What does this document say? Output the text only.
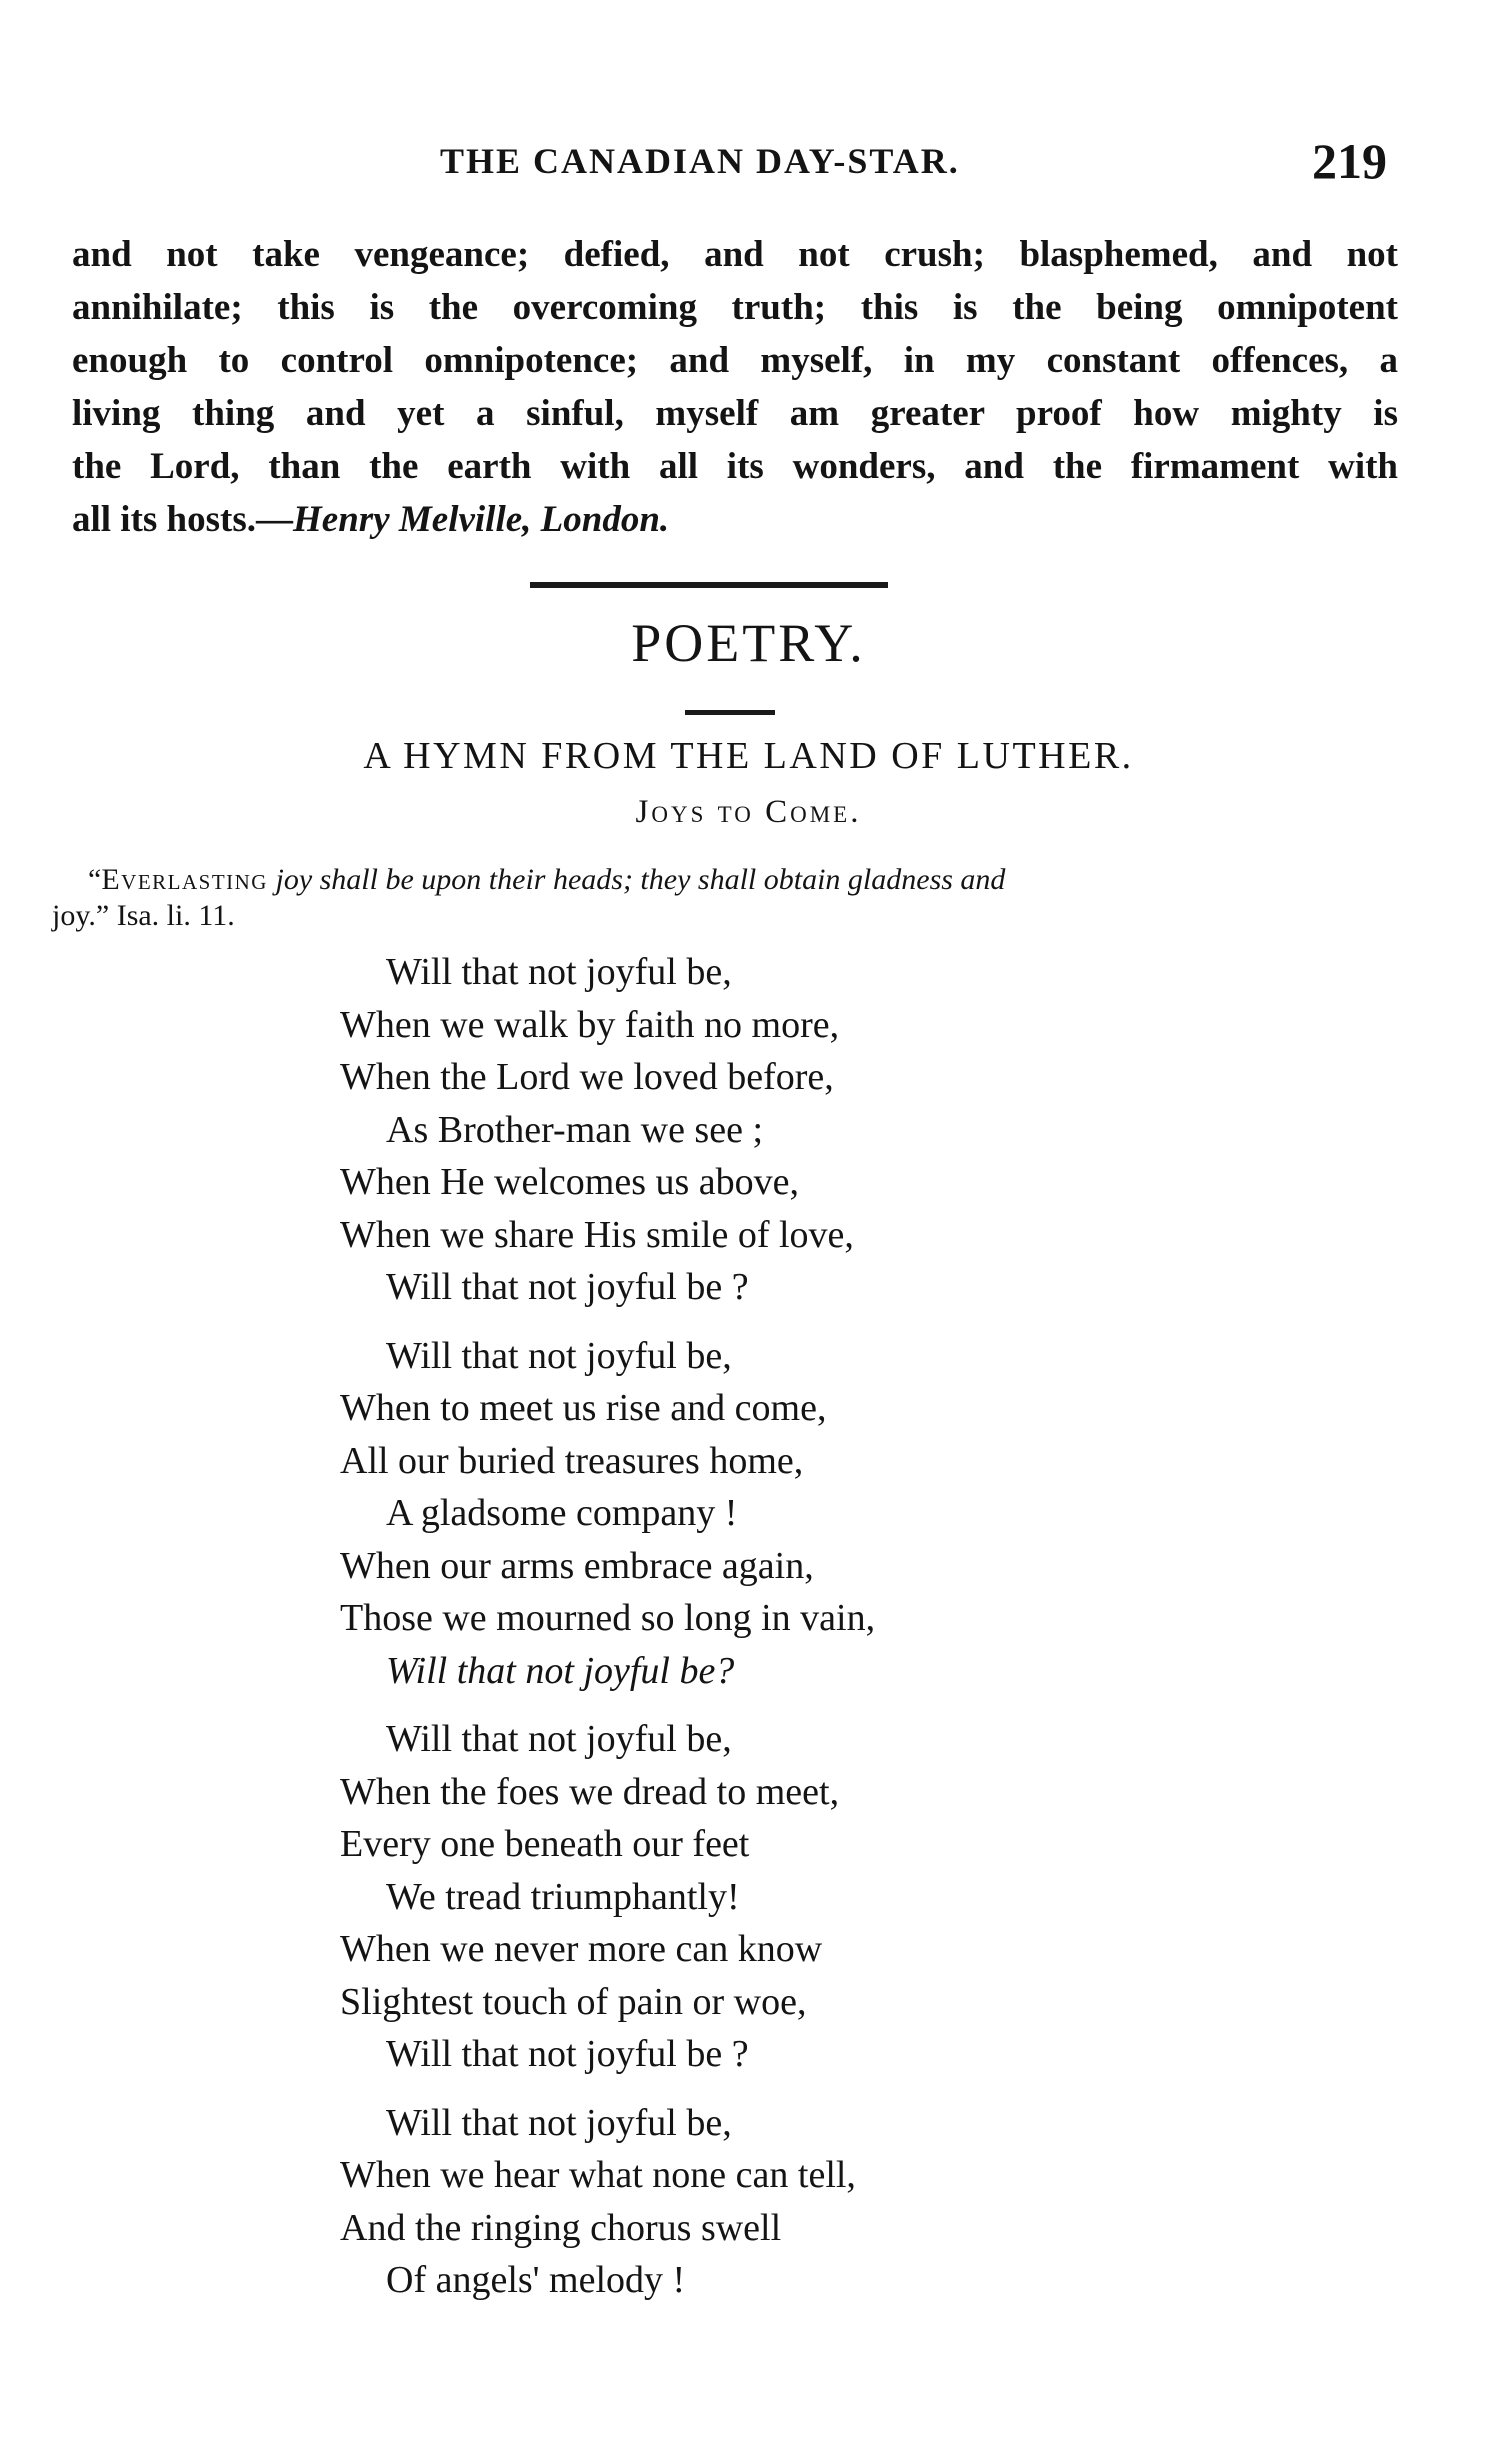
THE CANADIAN DAY-STAR.	219
and not take vengeance; defied, and not crush; blasphemed, and not
annihilate; this is the overcoming truth; this is the being omnipotent
enough to control omnipotence; and myself, in my constant offences, a
living thing and yet a sinful, myself am greater proof how mighty is
the Lord, than the earth with all its wonders, and the firmament with
all its hosts.—Henry Melville, London.
POETRY.
A HYMN FROM THE LAND OF LUTHER.
Joys to Come.
“Everlasting joy shall be upon their heads; they shall obtain gladness and
joy.” Isa. li. 11.
Will that not joyful be,
When we walk by faith no more,
When the Lord we loved before,
As Brother-man we see ;
When He welcomes us above,
When we share His smile of love,
Will that not joyful be ?
Will that not joyful be,
When to meet us rise and come,
All our buried treasures home,
A gladsome company !
When our arms embrace again,
Those we mourned so long in vain,
Will that not joyful be?
Will that not joyful be,
When the foes we dread to meet,
Every one beneath our feet
We tread triumphantly!
When we never more can know
Slightest touch of pain or woe,
Will that not joyful be ?
Will that not joyful be,
When we hear what none can tell,
And the ringing chorus swell
Of angels' melody !
